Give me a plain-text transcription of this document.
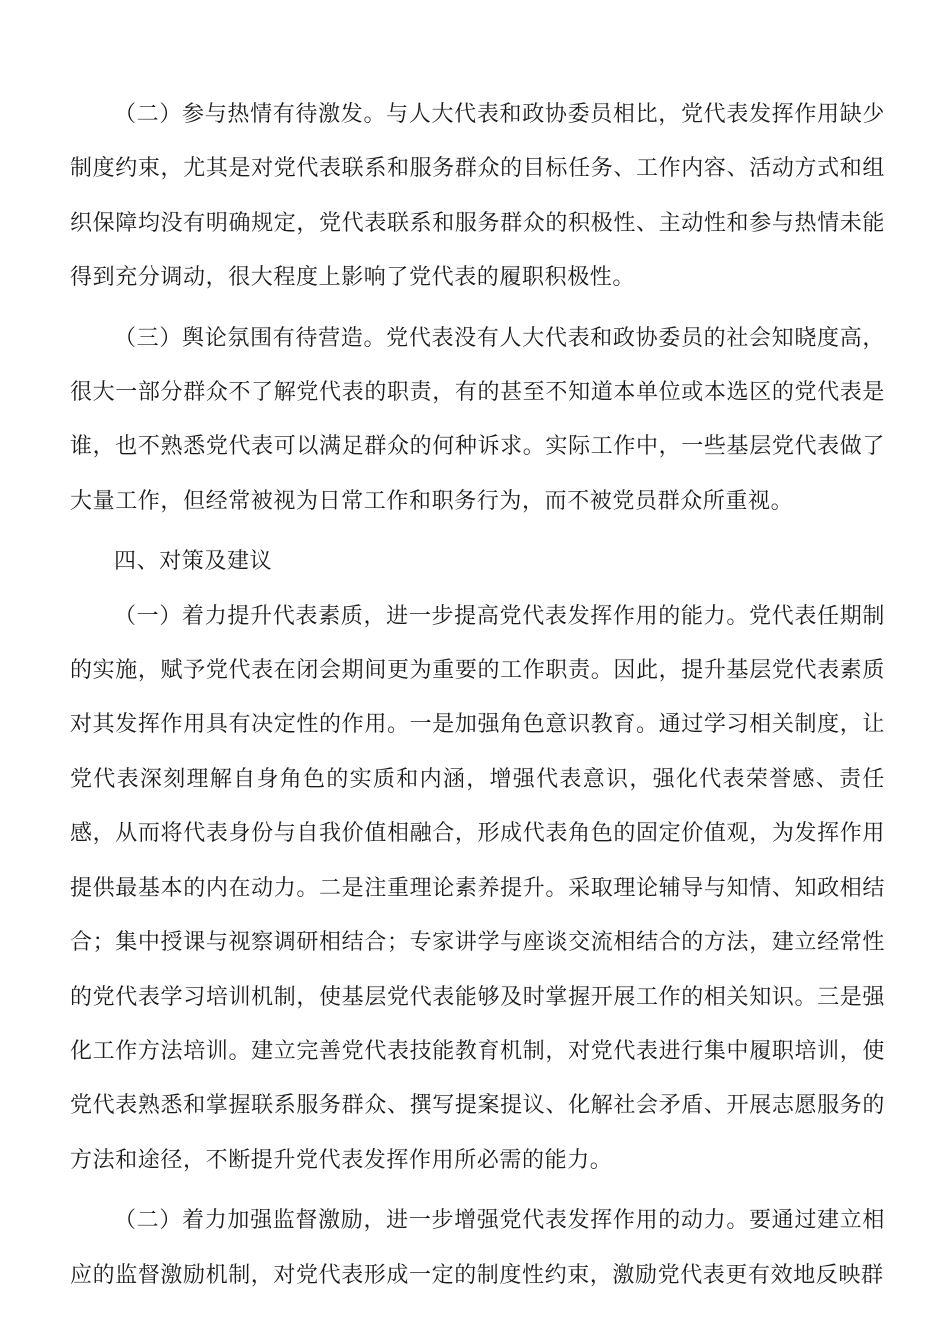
（二）参与热情有待激发。与人大代表和政协委员相比，党代表发挥作用缺少制度约束，尤其是对党代表联系和服务群众的目标任务、工作内容、活动方式和组织保障均没有明确规定，党代表联系和服务群众的积极性、主动性和参与热情未能得到充分调动，很大程度上影响了党代表的履职积极性。

（三）舆论氛围有待营造。党代表没有人大代表和政协委员的社会知晓度高，很大一部分群众不了解党代表的职责，有的甚至不知道本单位或本选区的党代表是谁，也不熟悉党代表可以满足群众的何种诉求。实际工作中，一些基层党代表做了大量工作，但经常被视为日常工作和职务行为，而不被党员群众所重视。

四、对策及建议

（一）着力提升代表素质，进一步提高党代表发挥作用的能力。党代表任期制的实施，赋予党代表在闭会期间更为重要的工作职责。因此，提升基层党代表素质对其发挥作用具有决定性的作用。一是加强角色意识教育。通过学习相关制度，让党代表深刻理解自身角色的实质和内涵，增强代表意识，强化代表荣誉感、责任感，从而将代表身份与自我价值相融合，形成代表角色的固定价值观，为发挥作用提供最基本的内在动力。二是注重理论素养提升。采取理论辅导与知情、知政相结合；集中授课与视察调研相结合；专家讲学与座谈交流相结合的方法，建立经常性的党代表学习培训机制，使基层党代表能够及时掌握开展工作的相关知识。三是强化工作方法培训。建立完善党代表技能教育机制，对党代表进行集中履职培训，使党代表熟悉和掌握联系服务群众、撰写提案提议、化解社会矛盾、开展志愿服务的方法和途径，不断提升党代表发挥作用所必需的能力。

（二）着力加强监督激励，进一步增强党代表发挥作用的动力。要通过建立相应的监督激励机制，对党代表形成一定的制度性约束，激励党代表更有效地反映群
